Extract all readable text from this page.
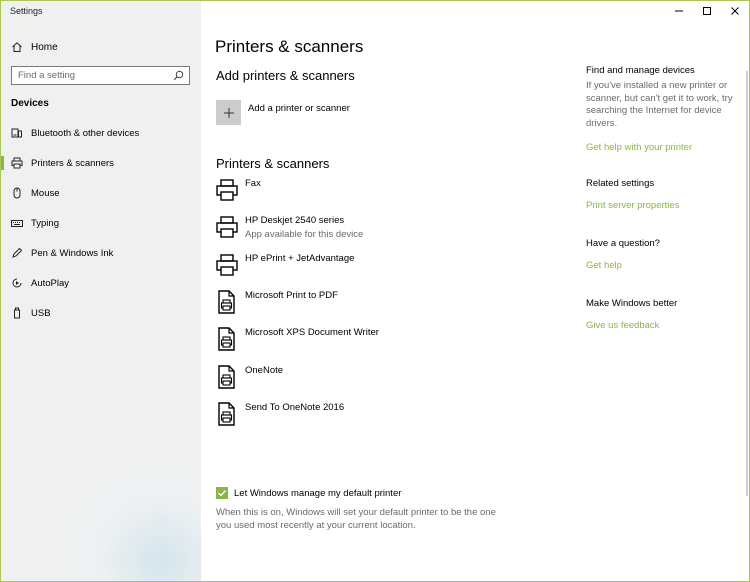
Settings
Home
Find a setting
Devices
Bluetooth & other devices
Printers & scanners
Mouse
Typing
Pen & Windows Ink
AutoPlay
USB
Printers & scanners
Add printers & scanners
Add a printer or scanner
Printers & scanners
Fax
HP Deskjet 2540 series
App available for this device
HP ePrint + JetAdvantage
Microsoft Print to PDF
Microsoft XPS Document Writer
OneNote
Send To OneNote 2016
Let Windows manage my default printer
When this is on, Windows will set your default printer to be the one you used most recently at your current location.
Find and manage devices
If you've installed a new printer or scanner, but can't get it to work, try searching the Internet for device drivers.
Get help with your printer
Related settings
Print server properties
Have a question?
Get help
Make Windows better
Give us feedback
